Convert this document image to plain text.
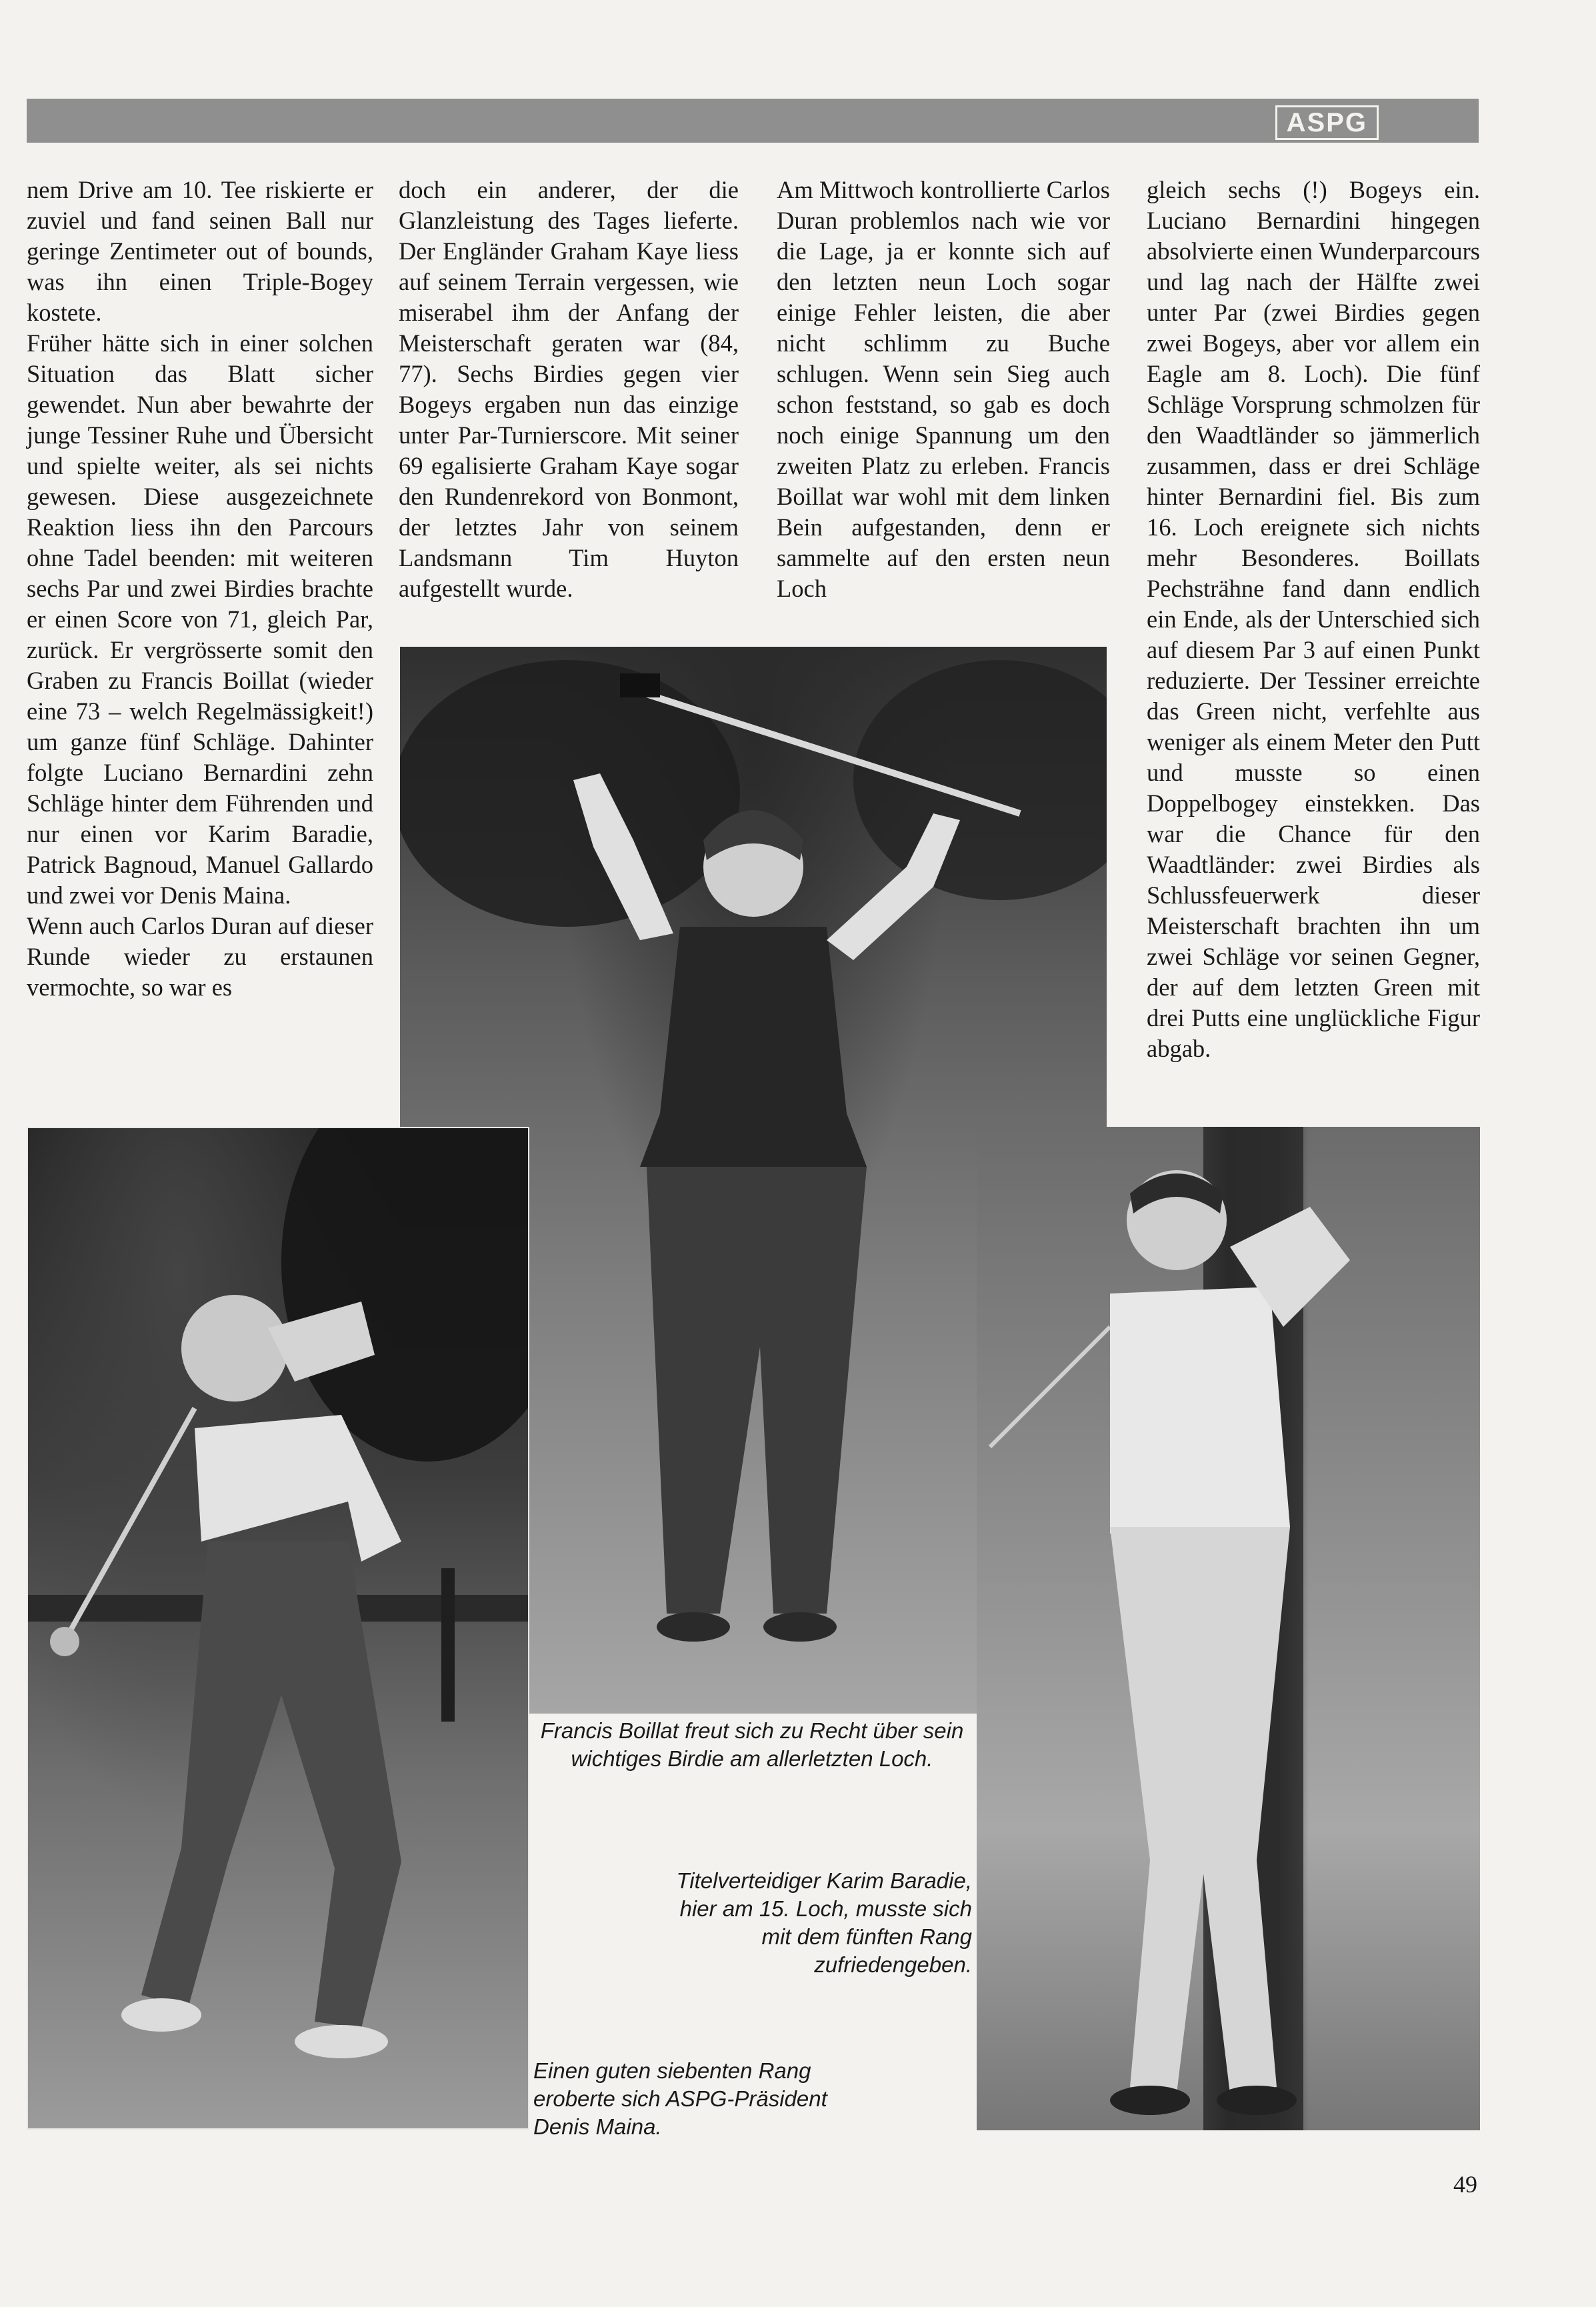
ASPG

nem Drive am 10. Tee riskierte er zuviel und fand seinen Ball nur geringe Zentimeter out of bounds, was ihn einen Triple-Bogey kostete.

Früher hätte sich in einer solchen Situation das Blatt sicher gewendet. Nun aber bewahrte der junge Tessiner Ruhe und Übersicht und spielte weiter, als sei nichts gewesen. Diese ausgezeichnete Reaktion liess ihn den Parcours ohne Tadel beenden: mit weiteren sechs Par und zwei Birdies brachte er einen Score von 71, gleich Par, zurück. Er vergrösserte somit den Graben zu Francis Boillat (wieder eine 73 – welch Regelmässigkeit!) um ganze fünf Schläge. Dahinter folgte Luciano Bernardini zehn Schläge hinter dem Führenden und nur einen vor Karim Baradie, Patrick Bagnoud, Manuel Gallardo und zwei vor Denis Maina.

Wenn auch Carlos Duran auf dieser Runde wieder zu erstaunen vermochte, so war es

doch ein anderer, der die Glanzleistung des Tages lieferte. Der Engländer Graham Kaye liess auf seinem Terrain vergessen, wie miserabel ihm der Anfang der Meisterschaft geraten war (84, 77). Sechs Birdies gegen vier Bogeys ergaben nun das einzige unter Par-Turnierscore. Mit seiner 69 egalisierte Graham Kaye sogar den Rundenrekord von Bonmont, der letztes Jahr von seinem Landsmann Tim Huyton aufgestellt wurde.

Am Mittwoch kontrollierte Carlos Duran problemlos nach wie vor die Lage, ja er konnte sich auf den letzten neun Loch sogar einige Fehler leisten, die aber nicht schlimm zu Buche schlugen. Wenn sein Sieg auch schon feststand, so gab es doch noch einige Spannung um den zweiten Platz zu erleben. Francis Boillat war wohl mit dem linken Bein aufgestanden, denn er sammelte auf den ersten neun Loch

gleich sechs (!) Bogeys ein. Luciano Bernardini hingegen absolvierte einen Wunderparcours und lag nach der Hälfte zwei unter Par (zwei Birdies gegen zwei Bogeys, aber vor allem ein Eagle am 8. Loch). Die fünf Schläge Vorsprung schmolzen für den Waadtländer so jämmerlich zusammen, dass er drei Schläge hinter Bernardini fiel. Bis zum 16. Loch ereignete sich nichts mehr Besonderes. Boillats Pechsträhne fand dann endlich ein Ende, als der Unterschied sich auf diesem Par 3 auf einen Punkt reduzierte. Der Tessiner erreichte das Green nicht, verfehlte aus weniger als einem Meter den Putt und musste so einen Doppelbogey einstekken. Das war die Chance für den Waadtländer: zwei Birdies als Schlussfeuerwerk dieser Meisterschaft brachten ihn um zwei Schläge vor seinen Gegner, der auf dem letzten Green mit drei Putts eine unglückliche Figur abgab.

Francis Boillat freut sich zu Recht über sein wichtiges Birdie am allerletzten Loch.

Titelverteidiger Karim Baradie, hier am 15. Loch, musste sich mit dem fünften Rang zufriedengeben.

Einen guten siebenten Rang eroberte sich ASPG-Präsident Denis Maina.

49
